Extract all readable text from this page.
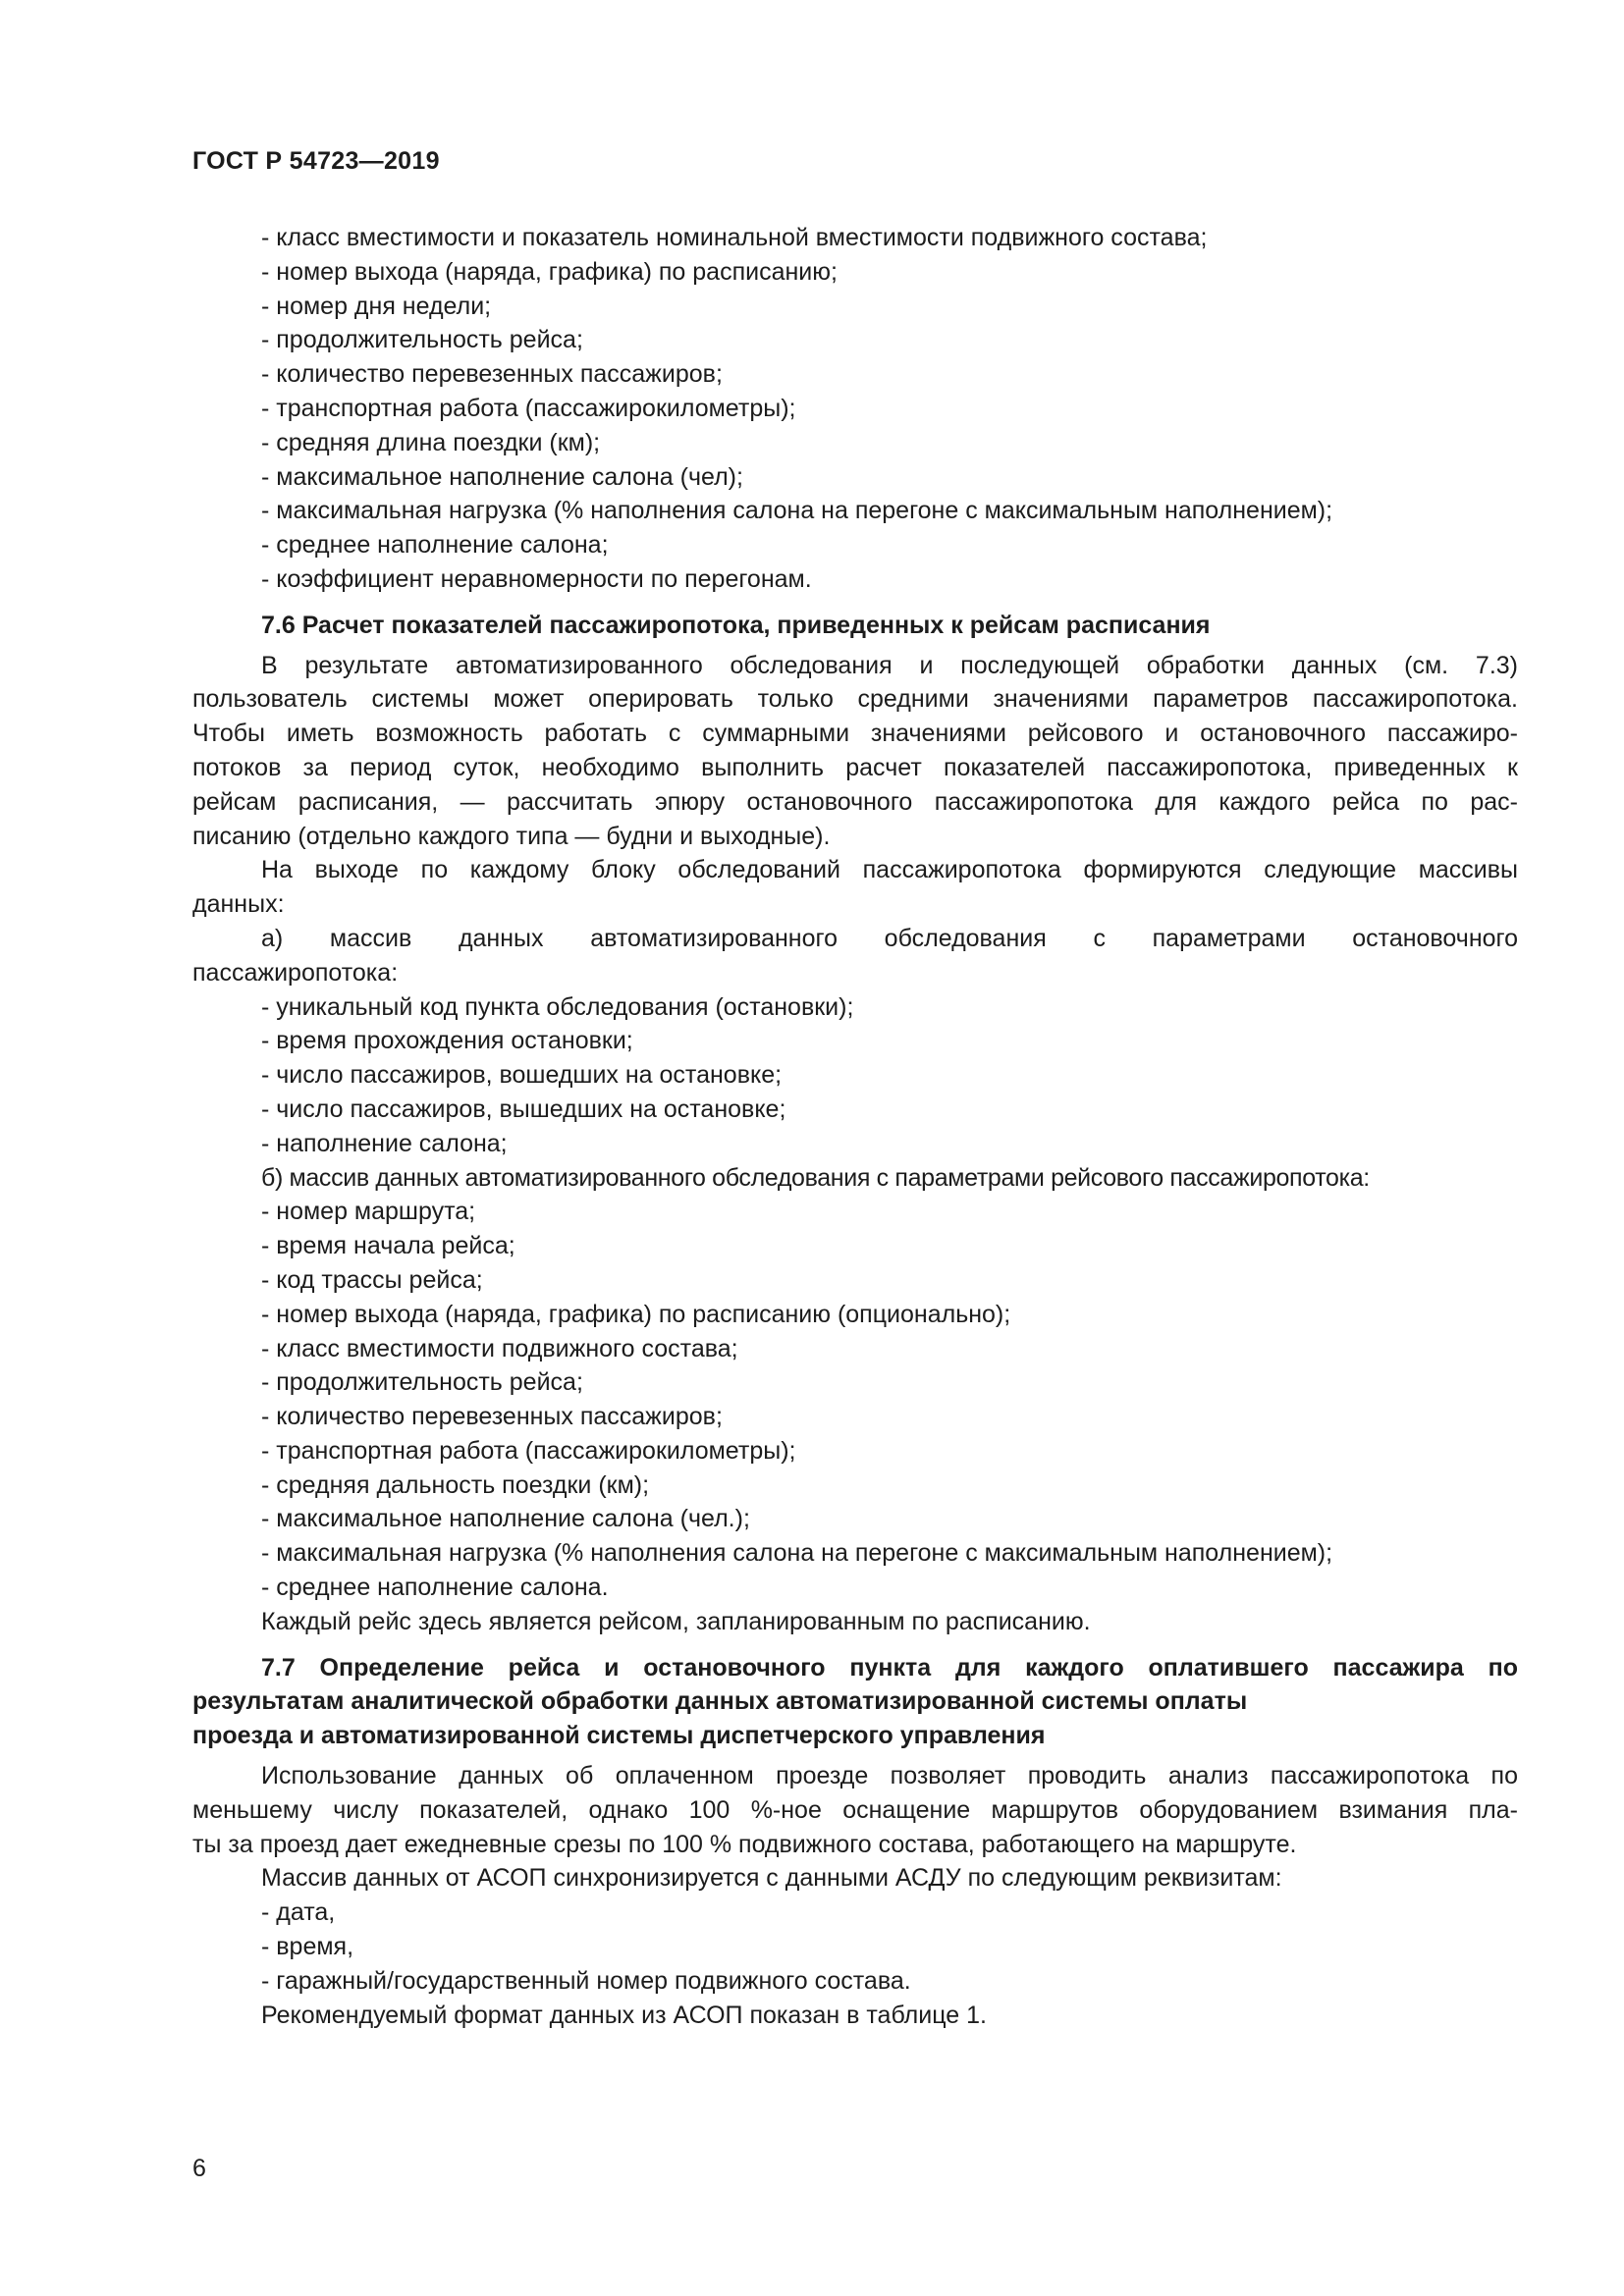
ГОСТ Р 54723—2019

- класс вместимости и показатель номинальной вместимости подвижного состава;

- номер выхода (наряда, графика) по расписанию;

- номер дня недели;

- продолжительность рейса;

- количество перевезенных пассажиров;

- транспортная работа (пассажирокилометры);

- средняя длина поездки (км);

- максимальное наполнение салона (чел);

- максимальная нагрузка (% наполнения салона на перегоне с максимальным наполнением);

- среднее наполнение салона;

- коэффициент неравномерности по перегонам.

7.6 Расчет показателей пассажиропотока, приведенных к рейсам расписания

В результате автоматизированного обследования и последующей обработки данных (см. 7.3)

пользователь системы может оперировать только средними значениями параметров пассажиропотока.

Чтобы иметь возможность работать с суммарными значениями рейсового и остановочного пассажиро-

потоков за период суток, необходимо выполнить расчет показателей пассажиропотока, приведенных к

рейсам расписания, — рассчитать эпюру остановочного пассажиропотока для каждого рейса по рас-

писанию (отдельно каждого типа — будни и выходные).

На выходе по каждому блоку обследований пассажиропотока формируются следующие массивы

данных:

а) массив данных автоматизированного обследования с параметрами остановочного

пассажиропотока:

- уникальный код пункта обследования (остановки);

- время прохождения остановки;

- число пассажиров, вошедших на остановке;

- число пассажиров, вышедших на остановке;

- наполнение салона;

б) массив данных автоматизированного обследования с параметрами рейсового пассажиропотока:

- номер маршрута;

- время начала рейса;

- код трассы рейса;

- номер выхода (наряда, графика) по расписанию (опционально);

- класс вместимости подвижного состава;

- продолжительность рейса;

- количество перевезенных пассажиров;

- транспортная работа (пассажирокилометры);

- средняя дальность поездки (км);

- максимальное наполнение салона (чел.);

- максимальная нагрузка (% наполнения салона на перегоне с максимальным наполнением);

- среднее наполнение салона.

Каждый рейс здесь является рейсом, запланированным по расписанию.

7.7 Определение рейса и остановочного пункта для каждого оплатившего пассажира по

результатам аналитической обработки данных автоматизированной системы оплаты

проезда и автоматизированной системы диспетчерского управления

Использование данных об оплаченном проезде позволяет проводить анализ пассажиропотока по

меньшему числу показателей, однако 100 %-ное оснащение маршрутов оборудованием взимания пла-

ты за проезд дает ежедневные срезы по 100 % подвижного состава, работающего на маршруте.

Массив данных от АСОП синхронизируется с данными АСДУ по следующим реквизитам:

- дата,

- время,

- гаражный/государственный номер подвижного состава.

Рекомендуемый формат данных из АСОП показан в таблице 1.

6
